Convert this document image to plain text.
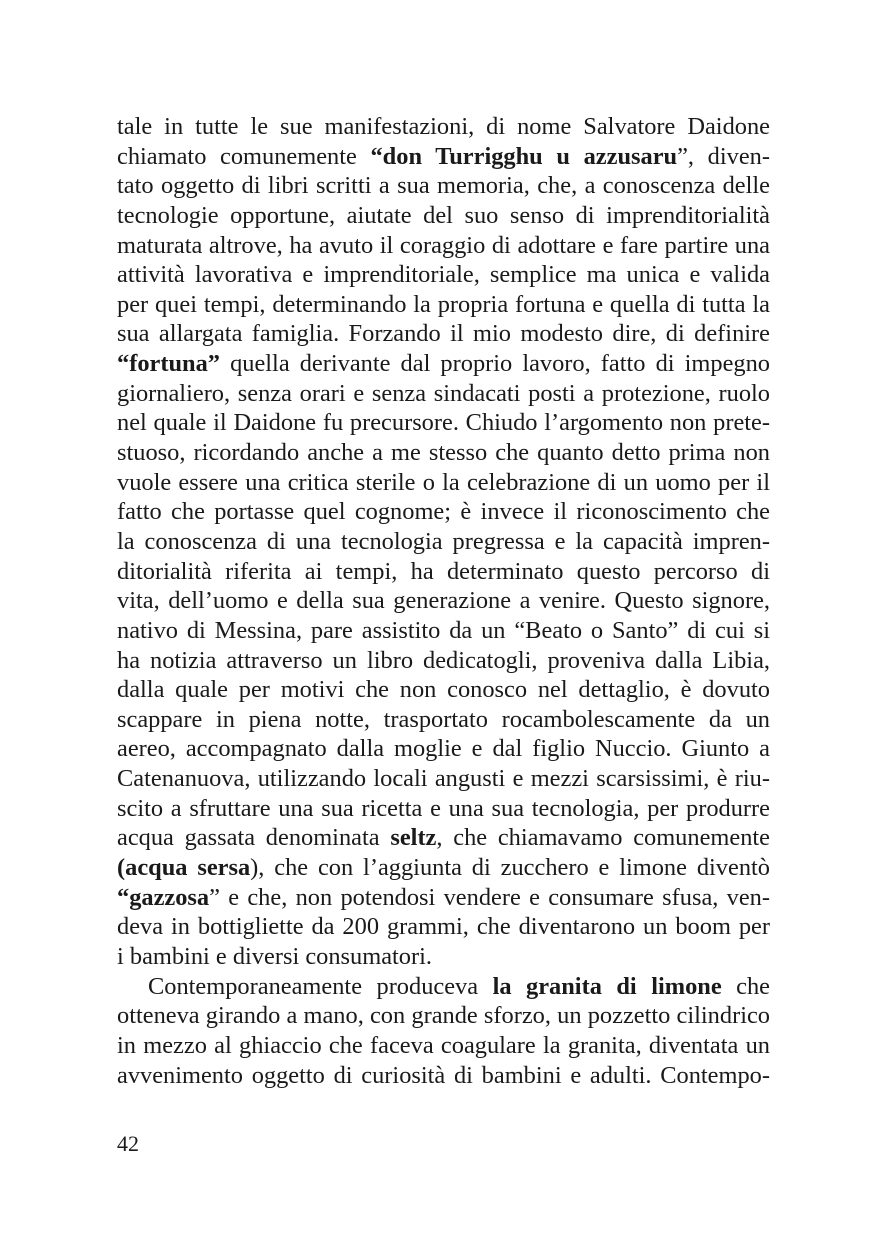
tale in tutte le sue manifestazioni, di nome Salvatore Daidone
chiamato comunemente “don Turrigghu u azzusaru”, diven-
tato oggetto di libri scritti a sua memoria, che, a conoscenza delle
tecnologie opportune, aiutate del suo senso di imprenditorialità
maturata altrove, ha avuto il coraggio di adottare e fare partire una
attività lavorativa e imprenditoriale, semplice ma unica e valida
per quei tempi, determinando la propria fortuna e quella di tutta la
sua allargata famiglia. Forzando il mio modesto dire, di definire
“fortuna” quella derivante dal proprio lavoro, fatto di impegno
giornaliero, senza orari e senza sindacati posti a protezione, ruolo
nel quale il Daidone fu precursore. Chiudo l’argomento non prete-
stuoso, ricordando anche a me stesso che quanto detto prima non
vuole essere una critica sterile o la celebrazione di un uomo per il
fatto che portasse quel cognome; è invece il riconoscimento che
la conoscenza di una tecnologia pregressa e la capacità impren-
ditorialità riferita ai tempi, ha determinato questo percorso di
vita, dell’uomo e della sua generazione a venire. Questo signore,
nativo di Messina, pare assistito da un “Beato o Santo” di cui si
ha notizia attraverso un libro dedicatogli, proveniva dalla Libia,
dalla quale per motivi che non conosco nel dettaglio, è dovuto
scappare in piena notte, trasportato rocambolescamente da un
aereo, accompagnato dalla moglie e dal figlio Nuccio. Giunto a
Catenanuova, utilizzando locali angusti e mezzi scarsissimi, è riu-
scito a sfruttare una sua ricetta e una sua tecnologia, per produrre
acqua gassata denominata seltz, che chiamavamo comunemente
(acqua sersa), che con l’aggiunta di zucchero e limone diventò
“gazzosa” e che, non potendosi vendere e consumare sfusa, ven-
deva in bottigliette da 200 grammi, che diventarono un boom per
i bambini e diversi consumatori.
Contemporaneamente produceva la granita di limone che
otteneva girando a mano, con grande sforzo, un pozzetto cilindrico
in mezzo al ghiaccio che faceva coagulare la granita, diventata un
avvenimento oggetto di curiosità di bambini e adulti. Contempo-
42
